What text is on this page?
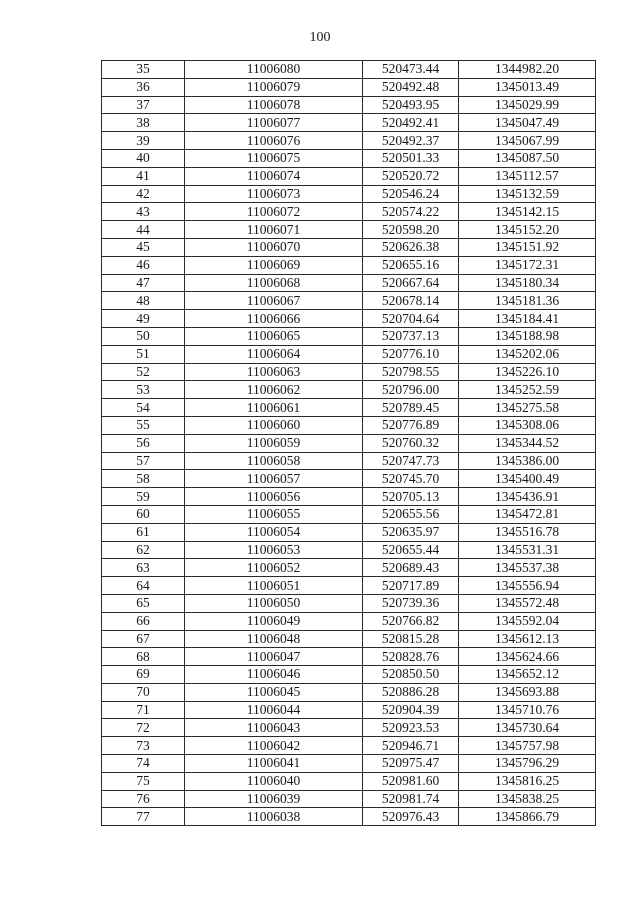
100
35	11006080	520473.44	1344982.20
36	11006079	520492.48	1345013.49
37	11006078	520493.95	1345029.99
38	11006077	520492.41	1345047.49
39	11006076	520492.37	1345067.99
40	11006075	520501.33	1345087.50
41	11006074	520520.72	1345112.57
42	11006073	520546.24	1345132.59
43	11006072	520574.22	1345142.15
44	11006071	520598.20	1345152.20
45	11006070	520626.38	1345151.92
46	11006069	520655.16	1345172.31
47	11006068	520667.64	1345180.34
48	11006067	520678.14	1345181.36
49	11006066	520704.64	1345184.41
50	11006065	520737.13	1345188.98
51	11006064	520776.10	1345202.06
52	11006063	520798.55	1345226.10
53	11006062	520796.00	1345252.59
54	11006061	520789.45	1345275.58
55	11006060	520776.89	1345308.06
56	11006059	520760.32	1345344.52
57	11006058	520747.73	1345386.00
58	11006057	520745.70	1345400.49
59	11006056	520705.13	1345436.91
60	11006055	520655.56	1345472.81
61	11006054	520635.97	1345516.78
62	11006053	520655.44	1345531.31
63	11006052	520689.43	1345537.38
64	11006051	520717.89	1345556.94
65	11006050	520739.36	1345572.48
66	11006049	520766.82	1345592.04
67	11006048	520815.28	1345612.13
68	11006047	520828.76	1345624.66
69	11006046	520850.50	1345652.12
70	11006045	520886.28	1345693.88
71	11006044	520904.39	1345710.76
72	11006043	520923.53	1345730.64
73	11006042	520946.71	1345757.98
74	11006041	520975.47	1345796.29
75	11006040	520981.60	1345816.25
76	11006039	520981.74	1345838.25
77	11006038	520976.43	1345866.79
